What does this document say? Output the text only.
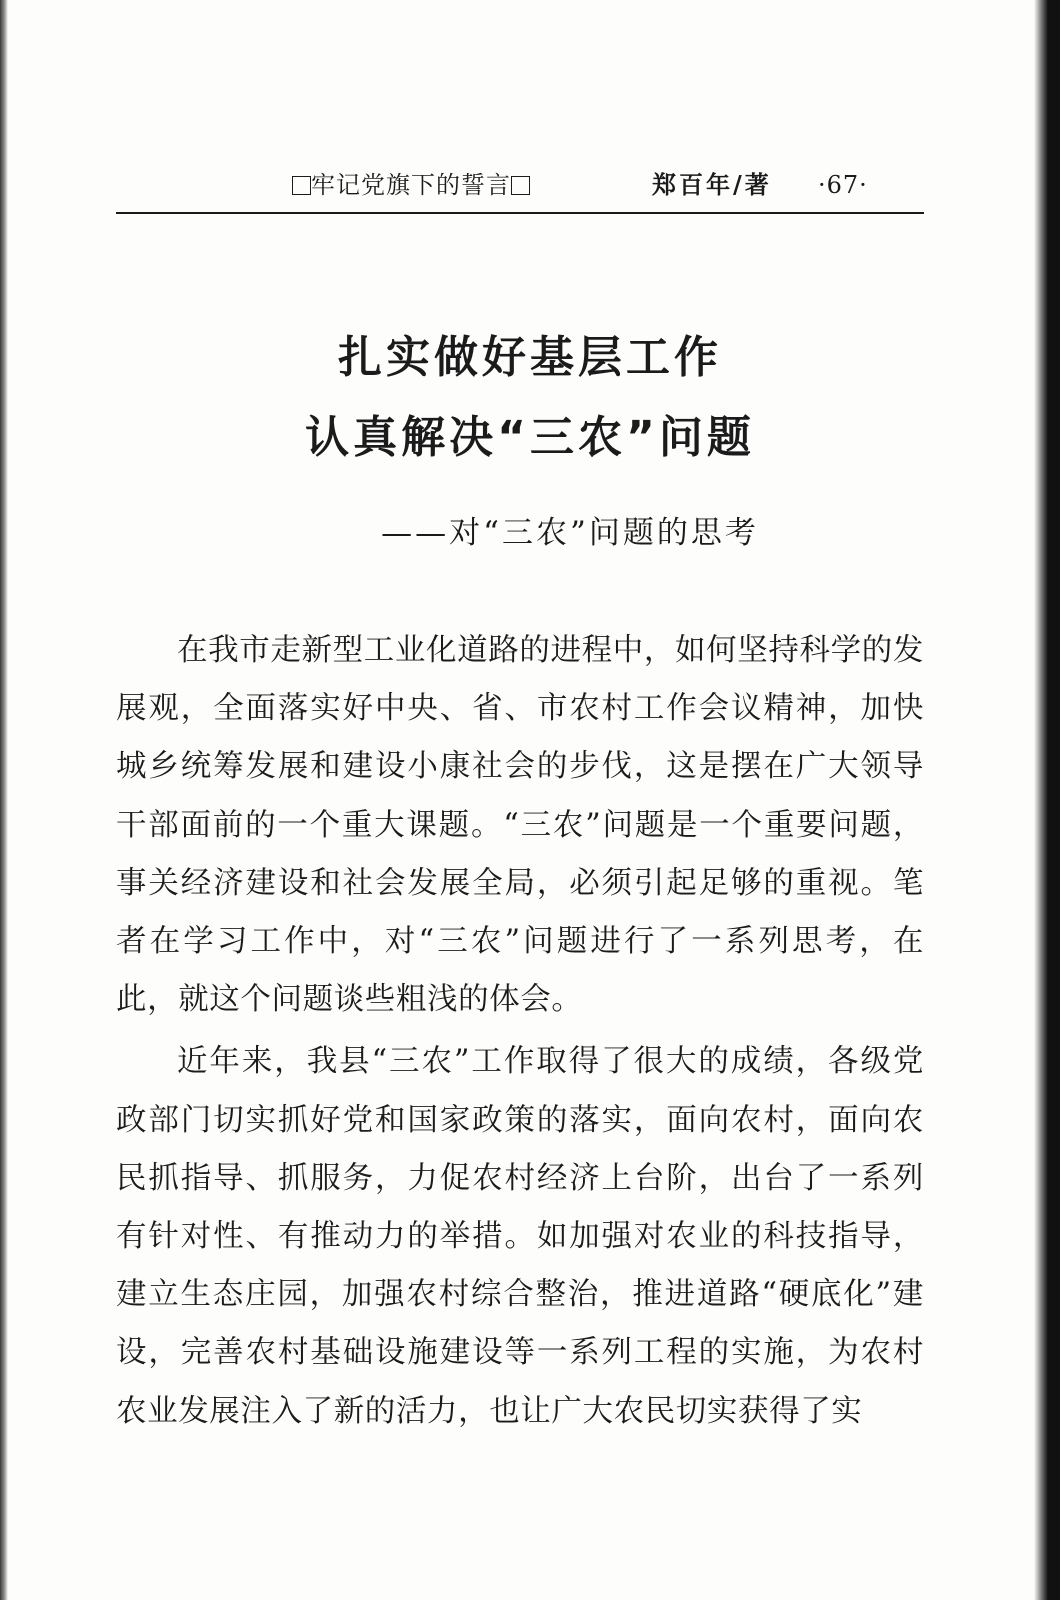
牢记党旗下的誓言	郑百年/著 ·67·
扎实做好基层工作
认真解决“三农”问题
——对“三农”问题的思考

在我市走新型工业化道路的进程中，如何坚持科学的发展观，全面落实好中央、省、市农村工作会议精神，加快城乡统筹发展和建设小康社会的步伐，这是摆在广大领导干部面前的一个重大课题。“三农”问题是一个重要问题，事关经济建设和社会发展全局，必须引起足够的重视。笔者在学习工作中，对“三农”问题进行了一系列思考，在此，就这个问题谈些粗浅的体会。

近年来，我县“三农”工作取得了很大的成绩，各级党政部门切实抓好党和国家政策的落实，面向农村，面向农民抓指导、抓服务，力促农村经济上台阶，出台了一系列有针对性、有推动力的举措。如加强对农业的科技指导，建立生态庄园，加强农村综合整治，推进道路“硬底化”建设，完善农村基础设施建设等一系列工程的实施，为农村农业发展注入了新的活力，也让广大农民切实获得了实
